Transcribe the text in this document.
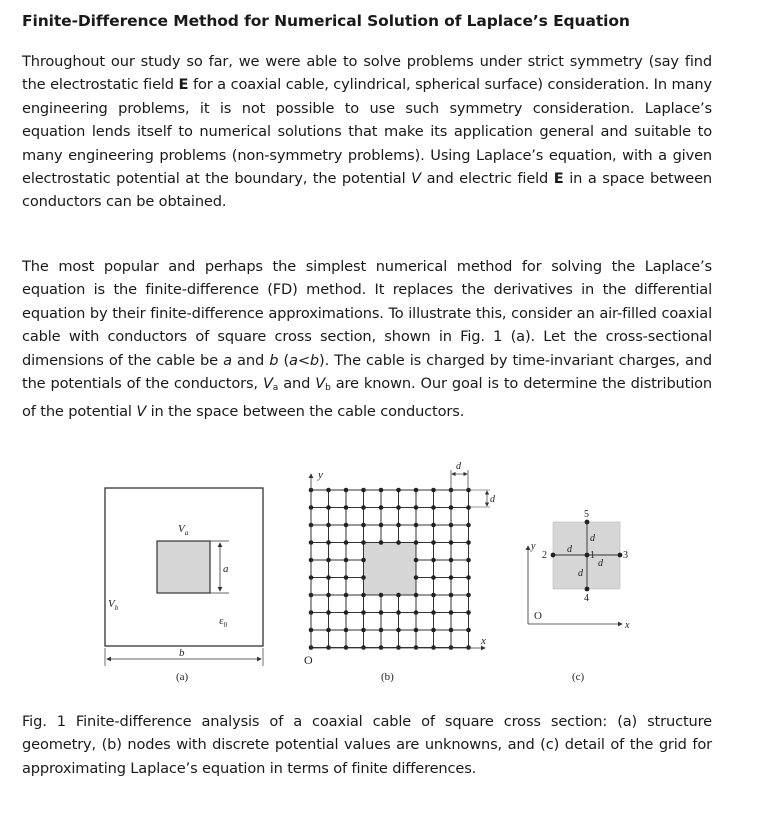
Finite-Difference Method for Numerical Solution of Laplace’s Equation

Throughout our study so far, we were able to solve problems under strict symmetry (say find the electrostatic field E for a coaxial cable, cylindrical, spherical surface) consideration. In many engineering problems, it is not possible to use such symmetry consideration. Laplace’s equation lends itself to numerical solutions that make its application general and suitable to many engineering problems (non-symmetry problems). Using Laplace’s equation, with a given electrostatic potential at the boundary, the potential V and electric field E in a space between conductors can be obtained.

The most popular and perhaps the simplest numerical method for solving the Laplace’s equation is the finite-difference (FD) method. It replaces the derivatives in the differential equation by their finite-difference approximations. To illustrate this, consider an air-filled coaxial cable with conductors of square cross section, shown in Fig. 1 (a). Let the cross-sectional dimensions of the cable be a and b (a<b). The cable is charged by time-invariant charges, and the potentials of the conductors, $V_a$ and $V_b$ are known. Our goal is to determine the distribution of the potential V in the space between the cable conductors.

a
$V_a$
$V_b$
$\varepsilon_0$
b
(a)
y
x
O
d
d
(b)
1
2	3
4
5
d
d
d
d
y
x
O
(c)

Fig. 1 Finite-difference analysis of a coaxial cable of square cross section: (a) structure geometry, (b) nodes with discrete potential values are unknowns, and (c) detail of the grid for approximating Laplace’s equation in terms of finite differences.
